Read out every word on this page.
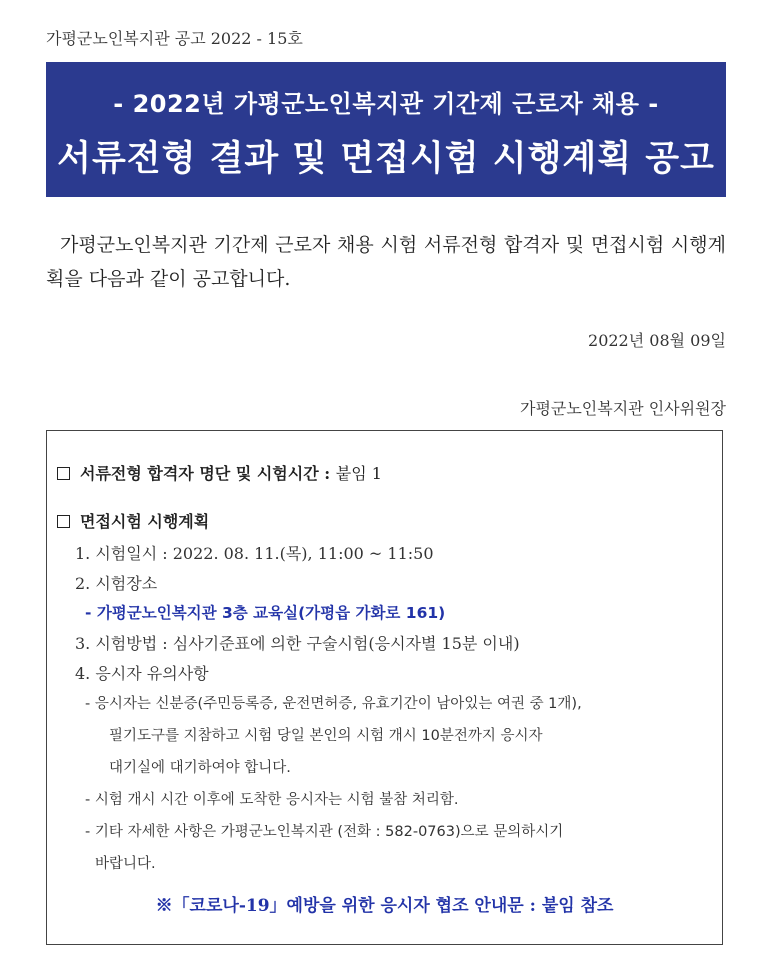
가평군노인복지관 공고 2022 - 15호
- 2022년 가평군노인복지관 기간제 근로자 채용 -
서류전형 결과 및 면접시험 시행계획 공고
가평군노인복지관 기간제 근로자 채용 시험 서류전형 합격자 및 면접시험 시행계획을 다음과 같이 공고합니다.
2022년 08월 09일
가평군노인복지관 인사위원장
서류전형 합격자 명단 및 시험시간 : 붙임 1
면접시험 시행계획
1. 시험일시 : 2022. 08. 11.(목), 11:00 ~ 11:50
2. 시험장소
- 가평군노인복지관 3층 교육실(가평읍 가화로 161)
3. 시험방법 : 심사기준표에 의한 구술시험(응시자별 15분 이내)
4. 응시자 유의사항
- 응시자는 신분증(주민등록증, 운전면허증, 유효기간이 남아있는 여권 중 1개),
필기도구를 지참하고 시험 당일 본인의 시험 개시 10분전까지 응시자
대기실에 대기하여야 합니다.
- 시험 개시 시간 이후에 도착한 응시자는 시험 불참 처리함.
- 기타 자세한 사항은 가평군노인복지관 (전화 : 582-0763)으로 문의하시기
바랍니다.
※「코로나-19」예방을 위한 응시자 협조 안내문 : 붙임 참조
